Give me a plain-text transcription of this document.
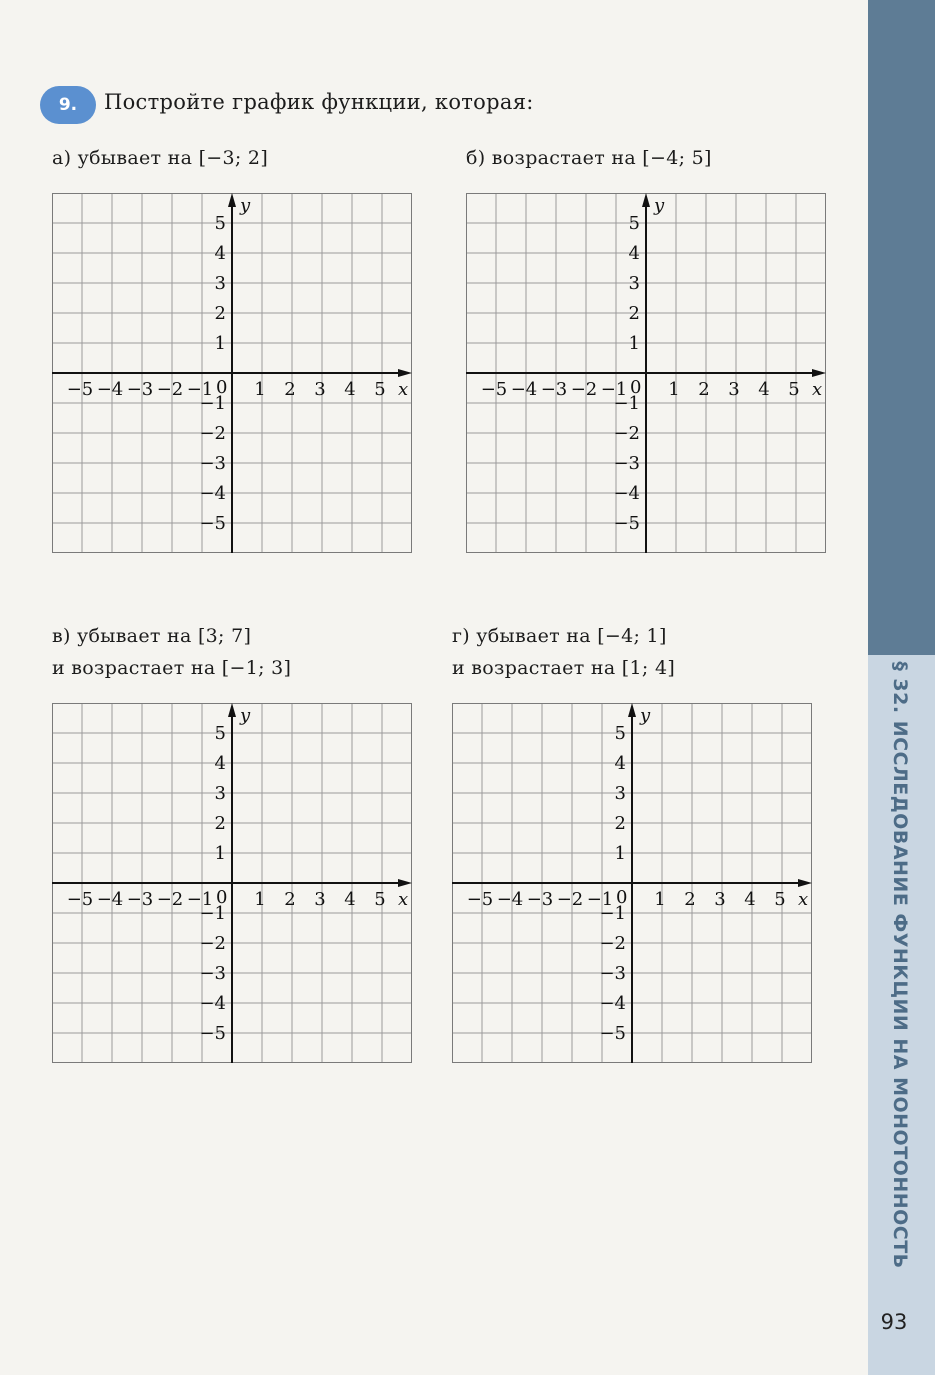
§ 32. ИССЛЕДОВАНИЕ ФУНКЦИИ НА МОНОТОННОСТЬ
93
9.	Постройте график функции, которая:
а) убывает на [−3; 2]	б) возрастает на [−4; 5]
в) убывает на [3; 7]
и возрастает на [−1; 3]
г) убывает на [−4; 1]
и возрастает на [1; 4]
−5 −4 −3 −2 −1 1 2 3 4 5
5
4
3
2
1
−1
−2
−3
−4
−5
0	x
y
−5 −4 −3 −2 −1 1 2 3 4 5
5
4
3
2
1
−1
−2
−3
−4
−5
0	x
y
−5 −4 −3 −2 −1 1 2 3 4 5
5
4
3
2
1
−1
−2
−3
−4
−5
0	x
y
−5 −4 −3 −2 −1 1 2 3 4 5
5
4
3
2
1
−1
−2
−3
−4
−5
0	x
y
